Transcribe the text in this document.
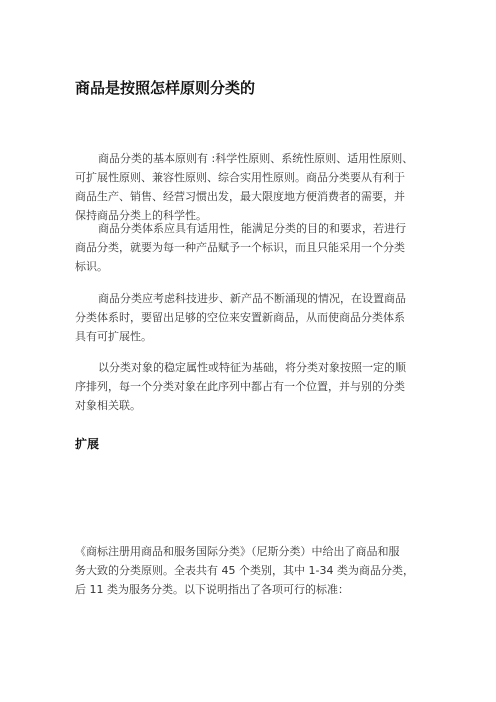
商品是按照怎样原则分类的

商品分类的基本原则有 :科学性原则、系统性原则、适用性原则、
可扩展性原则、兼容性原则、综合实用性原则。商品分类要从有利于
商品生产、销售、经营习惯出发，最大限度地方便消费者的需要，并
保持商品分类上的科学性。

商品分类体系应具有适用性，能满足分类的目的和要求，若进行
商品分类，就要为每一种产品赋予一个标识，而且只能采用一个分类
标识。

商品分类应考虑科技进步、新产品不断涌现的情况，在设置商品
分类体系时，要留出足够的空位来安置新商品，从而使商品分类体系
具有可扩展性。

以分类对象的稳定属性或特征为基础，将分类对象按照一定的顺
序排列，每一个分类对象在此序列中都占有一个位置，并与别的分类
对象相关联。

扩展

《商标注册用商品和服务国际分类》（尼斯分类）中给出了商品和服
务大致的分类原则。全表共有 45 个类别，其中 1-34 类为商品分类，
后 11 类为服务分类。以下说明指出了各项可行的标准：
